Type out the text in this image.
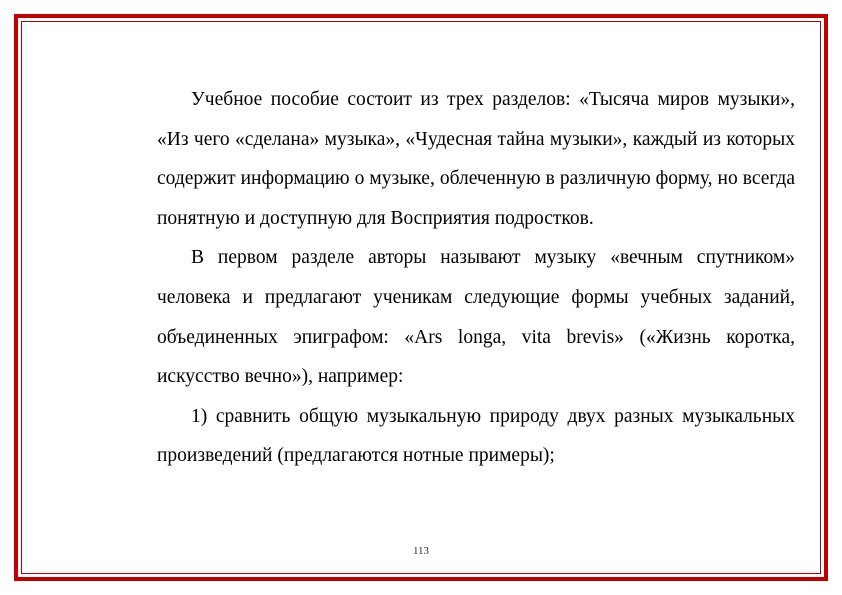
Учебное пособие состоит из трех разделов: «Тысяча миров музыки», «Из чего «сделана» музыка», «Чудесная тайна музыки», каждый из которых содержит информацию о музыке, облеченную в различную форму, но всегда понятную и доступную для Восприятия подростков.

В первом разделе авторы называют музыку «вечным спутником» человека и предлагают ученикам следующие формы учебных заданий, объединенных эпиграфом: «Ars longa, vita brevis» («Жизнь коротка, искусство вечно»), например:

1) сравнить общую музыкальную природу двух разных музыкальных произведений (предлагаются нотные примеры);

113
